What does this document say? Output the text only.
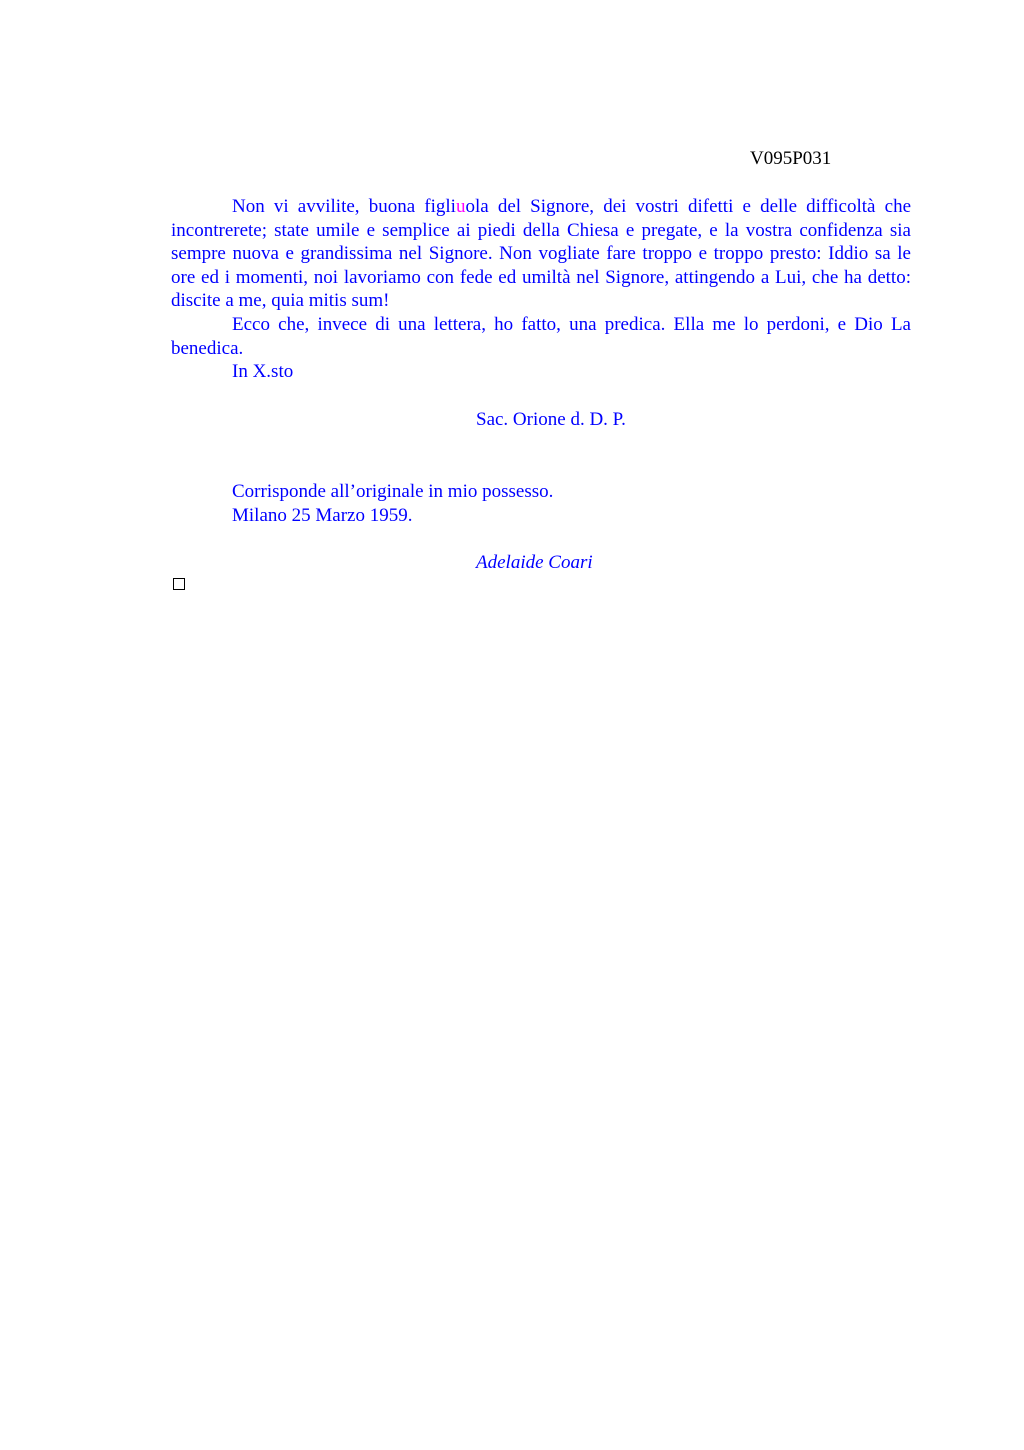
V095P031

Non vi avvilite, buona figliuola del Signore, dei vostri difetti e delle difficoltà che incontrerete; state umile e semplice ai piedi della Chiesa e pregate, e la vostra confidenza sia sempre nuova e grandissima nel Signore. Non vogliate fare troppo e troppo presto: Iddio sa le ore ed i momenti, noi lavoriamo con fede ed umiltà nel Signore, attingendo a Lui, che ha detto: discite a me, quia mitis sum!

Ecco che, invece di una lettera, ho fatto, una predica. Ella me lo perdoni, e Dio La benedica.

In X.sto

Sac. Orione d. D. P.
Corrisponde all’originale in mio possesso.
Milano 25 Marzo 1959.
Adelaide Coari
